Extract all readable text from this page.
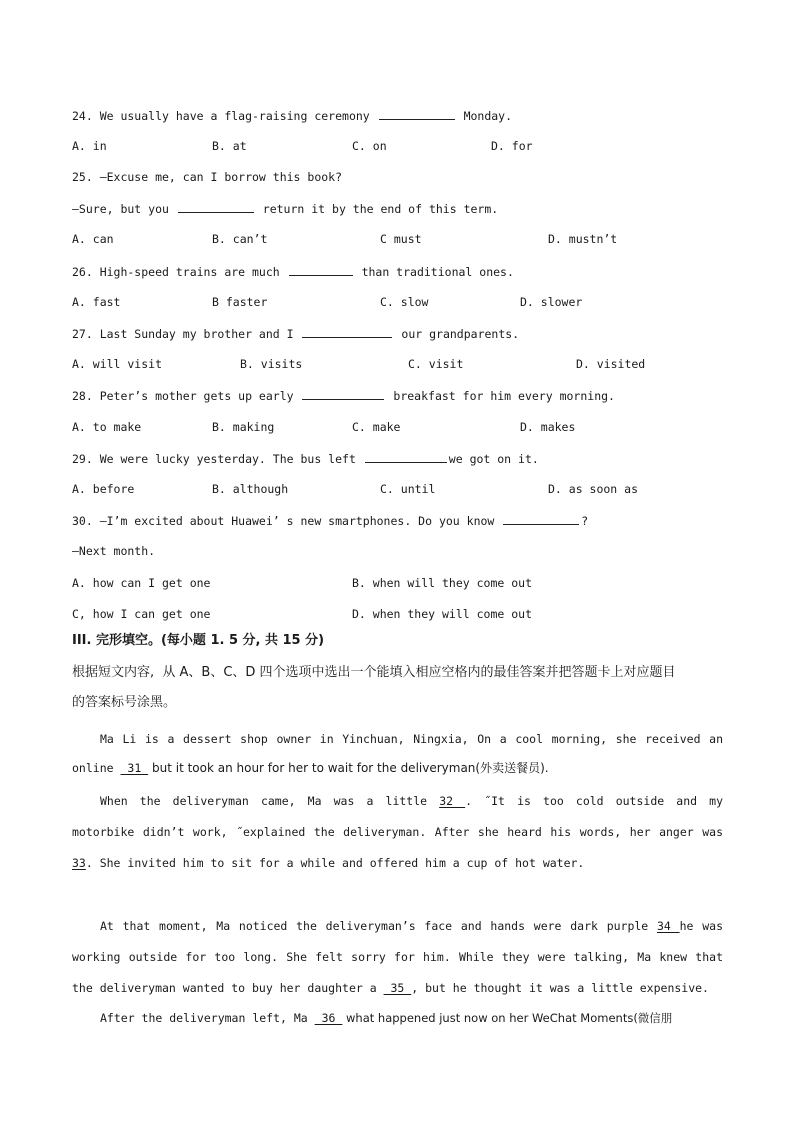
24. We usually have a flag-raising ceremony	Monday.
A. in	B. at	C. on	D. for
25. —Excuse me, can I borrow this book?
—Sure, but you	return it by the end of this term.
A. can	B. can’t	C must	D. mustn’t
26. High-speed trains are much	than traditional ones.
A. fast	B faster	C. slow	D. slower
27. Last Sunday my brother and I	our grandparents.
A. will visit	B. visits	C. visit	D. visited
28. Peter’s mother gets up early	breakfast for him every morning.
A. to make	B. making	C. make	D. makes
29. We were lucky yesterday. The bus left	we got on it.
A. before	B. although	C. until	D. as soon as
30. —I’m excited about Huawei’ s new smartphones. Do you know	?
—Next month.
A. how can I get one	B. when will they come out
C, how I can get one	D. when they will come out
III. 完形填空。(每小题 1. 5 分, 共 15 分)
根据短文内容,  从 A、B、C、D 四个选项中选出一个能填入相应空格内的最佳答案并把答题卡上对应题目
的答案标号涂黑。
Ma Li is a dessert shop owner in Yinchuan, Ningxia, On a cool morning, she received an
online  31  but it took an hour for her to wait for the deliveryman(外卖送餐员).
When the deliveryman came, Ma was a little 32 . ˝It is too cold outside and my
motorbike didn’t work, ˝explained the deliveryman. After she heard his words, her anger was
33. She invited him to sit for a while and offered him a cup of hot water.
At that moment, Ma noticed the deliveryman’s face and hands were dark purple 34 he was
working outside for too long. She felt sorry for him. While they were talking, Ma knew that
the deliveryman wanted to buy her daughter a  35 , but he thought it was a little expensive.
After the deliveryman left, Ma  36  what happened just now on her WeChat Moments(微信朋
